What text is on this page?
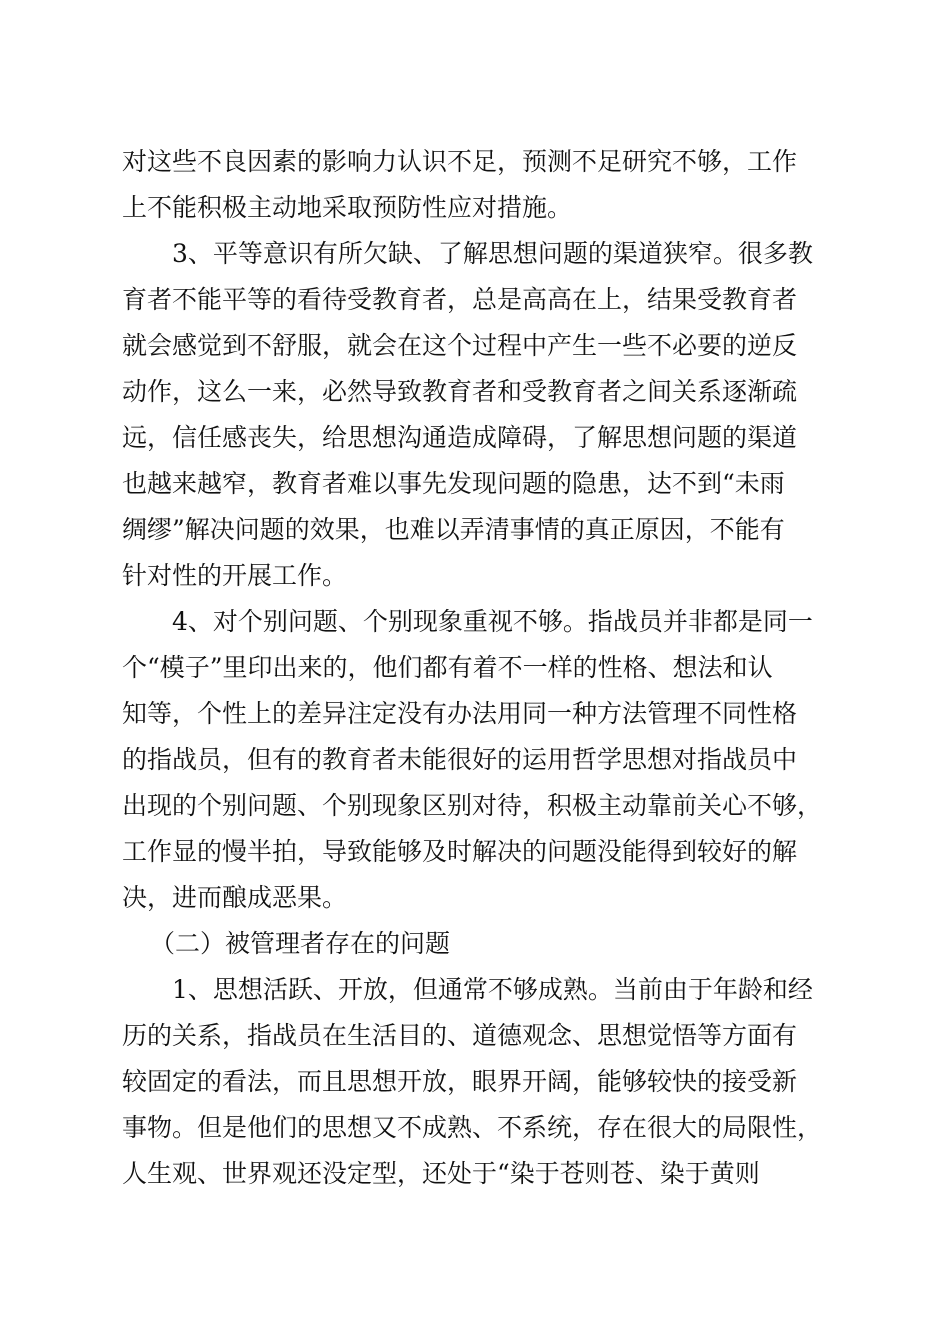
对这些不良因素的影响力认识不足，预测不足研究不够，工作
上不能积极主动地采取预防性应对措施。
3、平等意识有所欠缺、了解思想问题的渠道狭窄。很多教
育者不能平等的看待受教育者，总是高高在上，结果受教育者
就会感觉到不舒服，就会在这个过程中产生一些不必要的逆反
动作，这么一来，必然导致教育者和受教育者之间关系逐渐疏
远，信任感丧失，给思想沟通造成障碍，了解思想问题的渠道
也越来越窄，教育者难以事先发现问题的隐患，达不到“未雨
绸缪”解决问题的效果，也难以弄清事情的真正原因，不能有
针对性的开展工作。
4、对个别问题、个别现象重视不够。指战员并非都是同一
个“模子”里印出来的，他们都有着不一样的性格、想法和认
知等，个性上的差异注定没有办法用同一种方法管理不同性格
的指战员，但有的教育者未能很好的运用哲学思想对指战员中
出现的个别问题、个别现象区别对待，积极主动靠前关心不够，
工作显的慢半拍，导致能够及时解决的问题没能得到较好的解
决，进而酿成恶果。
（二）被管理者存在的问题
1、思想活跃、开放，但通常不够成熟。当前由于年龄和经
历的关系，指战员在生活目的、道德观念、思想觉悟等方面有
较固定的看法，而且思想开放，眼界开阔，能够较快的接受新
事物。但是他们的思想又不成熟、不系统，存在很大的局限性，
人生观、世界观还没定型，还处于“染于苍则苍、染于黄则
